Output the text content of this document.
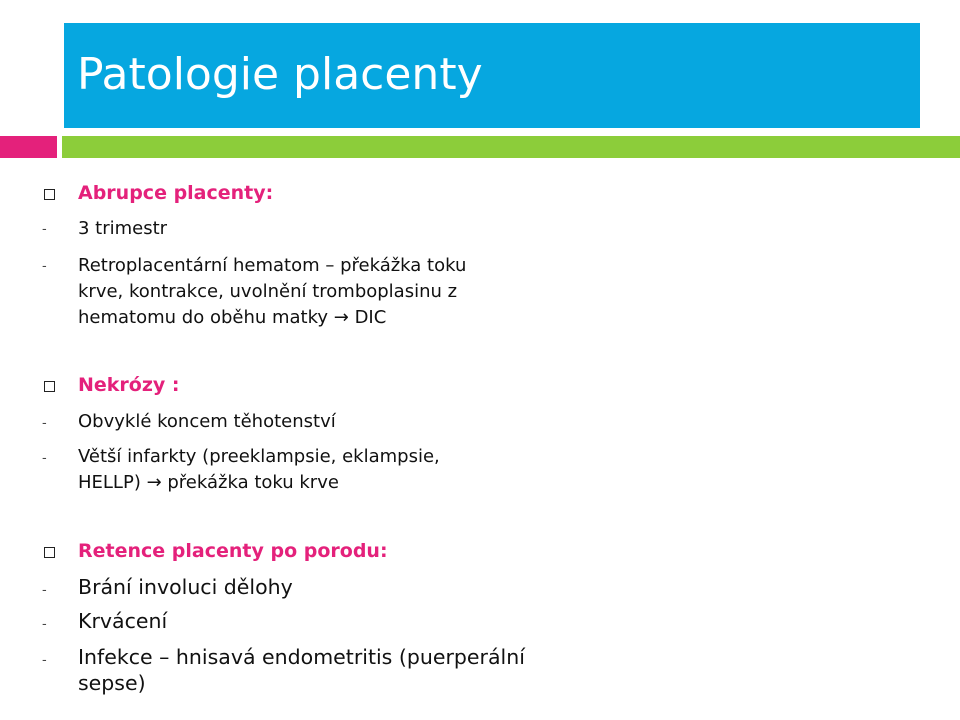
Patologie placenty
Abrupce placenty:
- 3 trimestr
- Retroplacentární hematom – překážka toku
krve, kontrakce, uvolnění tromboplasinu z
hematomu do oběhu matky → DIC
Nekrózy :
- Obvyklé koncem těhotenství
- Větší infarkty (preeklampsie, eklampsie,
HELLP) → překážka toku krve
Retence placenty po porodu:
- Brání involuci dělohy
- Krvácení
- Infekce – hnisavá endometritis (puerperální
sepse)
